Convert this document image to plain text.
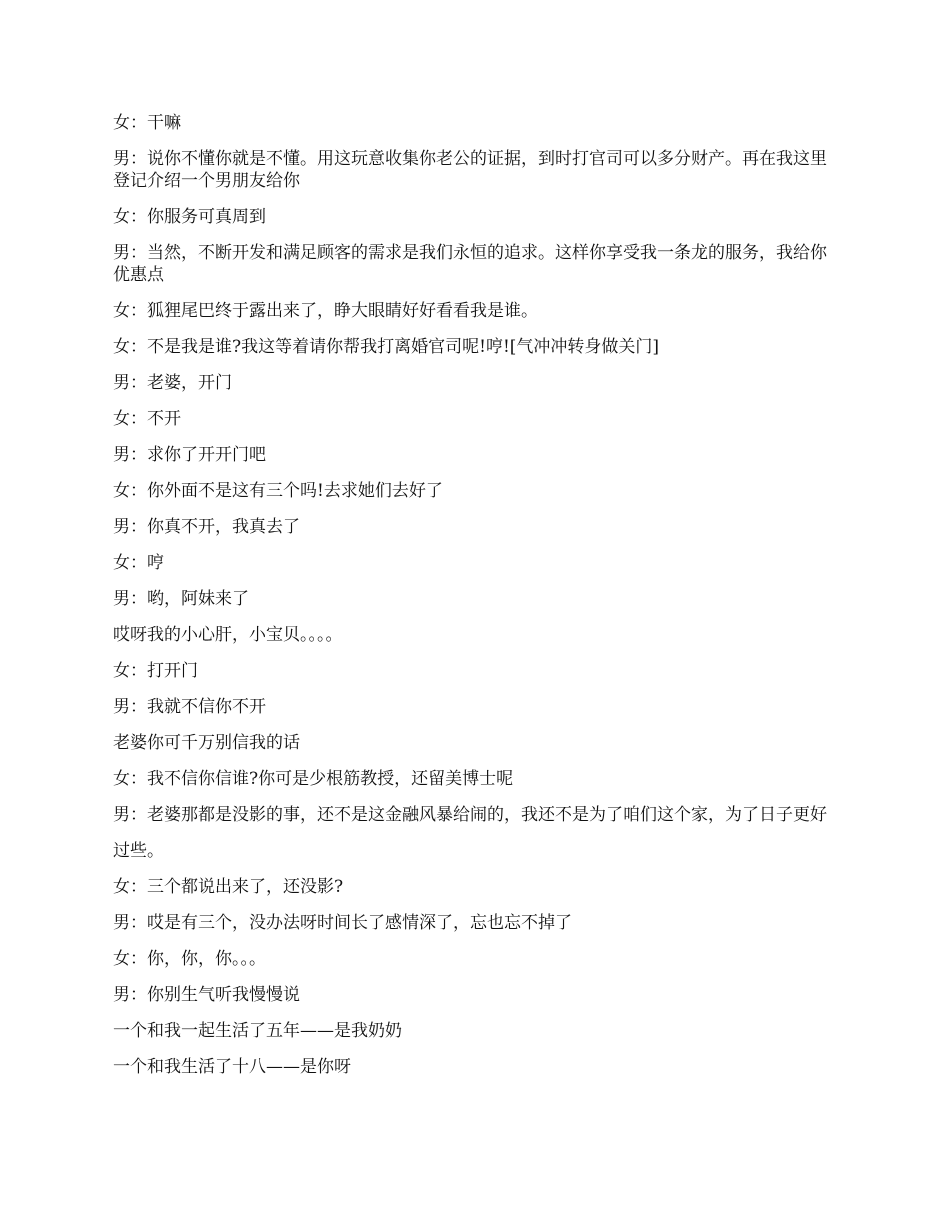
女：干嘛

男：说你不懂你就是不懂。用这玩意收集你老公的证据，到时打官司可以多分财产。再在我这里登记介绍一个男朋友给你

女：你服务可真周到

男：当然，不断开发和满足顾客的需求是我们永恒的追求。这样你享受我一条龙的服务，我给你优惠点

女：狐狸尾巴终于露出来了，睁大眼睛好好看看我是谁。

女：不是我是谁?我这等着请你帮我打离婚官司呢!哼![气冲冲转身做关门]

男：老婆，开门

女：不开

男：求你了开开门吧

女：你外面不是这有三个吗!去求她们去好了

男：你真不开，我真去了

女：哼

男：哟，阿妹来了

哎呀我的小心肝，小宝贝。。。。

女：打开门

男：我就不信你不开

老婆你可千万别信我的话

女：我不信你信谁?你可是少根筋教授，还留美博士呢

男：老婆那都是没影的事，还不是这金融风暴给闹的，我还不是为了咱们这个家，为了日子更好

过些。

女：三个都说出来了，还没影?

男：哎是有三个，没办法呀时间长了感情深了，忘也忘不掉了

女：你，你，你。。。

男：你别生气听我慢慢说

一个和我一起生活了五年——是我奶奶

一个和我生活了十八——是你呀
